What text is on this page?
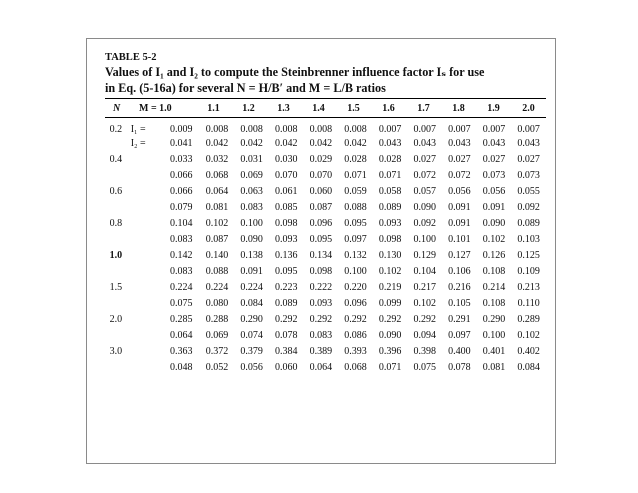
TABLE 5-2
Values of I₁ and I₂ to compute the Steinbrenner influence factor Iₛ for use
in Eq. (5-16a) for several N = H/B′ and M = L/B ratios
N	M = 1.0	1.1	1.2	1.3	1.4	1.5	1.6	1.7	1.8	1.9	2.0
0.2	I₁ =	0.009	0.008	0.008	0.008	0.008	0.008	0.007	0.007	0.007	0.007	0.007
	I₂ =	0.041	0.042	0.042	0.042	0.042	0.042	0.043	0.043	0.043	0.043	0.043
0.4		0.033	0.032	0.031	0.030	0.029	0.028	0.028	0.027	0.027	0.027	0.027
		0.066	0.068	0.069	0.070	0.070	0.071	0.071	0.072	0.072	0.073	0.073
0.6		0.066	0.064	0.063	0.061	0.060	0.059	0.058	0.057	0.056	0.056	0.055
		0.079	0.081	0.083	0.085	0.087	0.088	0.089	0.090	0.091	0.091	0.092
0.8		0.104	0.102	0.100	0.098	0.096	0.095	0.093	0.092	0.091	0.090	0.089
		0.083	0.087	0.090	0.093	0.095	0.097	0.098	0.100	0.101	0.102	0.103
1.0		0.142	0.140	0.138	0.136	0.134	0.132	0.130	0.129	0.127	0.126	0.125
		0.083	0.088	0.091	0.095	0.098	0.100	0.102	0.104	0.106	0.108	0.109
1.5		0.224	0.224	0.224	0.223	0.222	0.220	0.219	0.217	0.216	0.214	0.213
		0.075	0.080	0.084	0.089	0.093	0.096	0.099	0.102	0.105	0.108	0.110
2.0		0.285	0.288	0.290	0.292	0.292	0.292	0.292	0.292	0.291	0.290	0.289
		0.064	0.069	0.074	0.078	0.083	0.086	0.090	0.094	0.097	0.100	0.102
3.0		0.363	0.372	0.379	0.384	0.389	0.393	0.396	0.398	0.400	0.401	0.402
		0.048	0.052	0.056	0.060	0.064	0.068	0.071	0.075	0.078	0.081	0.084
